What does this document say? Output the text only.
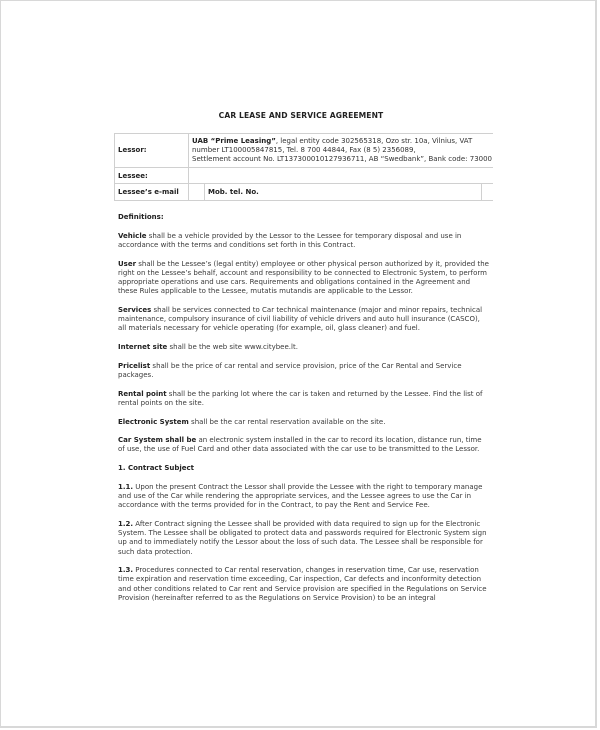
CAR LEASE AND SERVICE AGREEMENT
Lessor:	UAB “Prime Leasing”, legal entity code 302565318, Ozo str. 10a, Vilnius, VAT
number LT100005847815, Tel. 8 700 44844, Fax (8 5) 2356089,
Settlement account No. LT137300010127936711, AB “Swedbank”, Bank code: 73000		
Lessee:			
Lessee’s e-mail		Mob. tel. No.	

Definitions:

Vehicle shall be a vehicle provided by the Lessor to the Lessee for temporary disposal and use in accordance with the terms and conditions set forth in this Contract.

User shall be the Lessee’s (legal entity) employee or other physical person authorized by it, provided the right on the Lessee’s behalf, account and responsibility to be connected to Electronic System, to perform appropriate operations and use cars. Requirements and obligations contained in the Agreement and these Rules applicable to the Lessee, mutatis mutandis are applicable to the Lessor.

Services shall be services connected to Car technical maintenance (major and minor repairs, technical maintenance, compulsory insurance of civil liability of vehicle drivers and auto hull insurance (CASCO), all materials necessary for vehicle operating (for example, oil, glass cleaner) and fuel.

Internet site shall be the web site www.citybee.lt.

Pricelist shall be the price of car rental and service provision, price of the Car Rental and Service packages.

Rental point shall be the parking lot where the car is taken and returned by the Lessee. Find the list of rental points on the site.

Electronic System shall be the car rental reservation available on the site.

Car System shall be an electronic system installed in the car to record its location, distance run, time of use, the use of Fuel Card and other data associated with the car use to be transmitted to the Lessor.

1. Contract Subject

1.1. Upon the present Contract the Lessor shall provide the Lessee with the right to temporary manage and use of the Car while rendering the appropriate services, and the Lessee agrees to use the Car in accordance with the terms provided for in the Contract, to pay the Rent and Service Fee.

1.2. After Contract signing the Lessee shall be provided with data required to sign up for the Electronic System. The Lessee shall be obligated to protect data and passwords required for Electronic System sign up and to immediately notify the Lessor about the loss of such data. The Lessee shall be responsible for such data protection.

1.3. Procedures connected to Car rental reservation, changes in reservation time, Car use, reservation time expiration and reservation time exceeding, Car inspection, Car defects and inconformity detection and other conditions related to Car rent and Service provision are specified in the Regulations on Service Provision (hereinafter referred to as the Regulations on Service Provision) to be an integral
